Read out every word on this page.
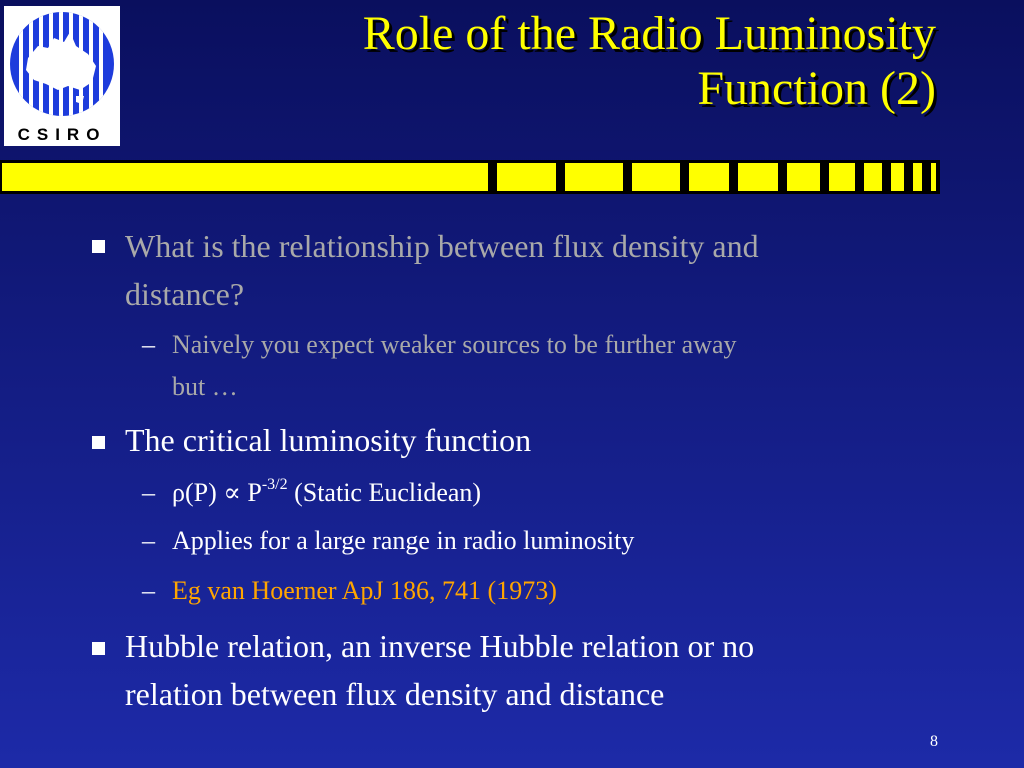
CSIRO
Role of the Radio Luminosity
Function (2)
What is the relationship between flux density and
distance?
– Naively you expect weaker sources to be further away
but …
The critical luminosity function
– $\rho(P) \propto P^{-3/2}$ (Static Euclidean)
– Applies for a large range in radio luminosity
– Eg van Hoerner ApJ 186, 741 (1973)
Hubble relation, an inverse Hubble relation or no
relation between flux density and distance
8
